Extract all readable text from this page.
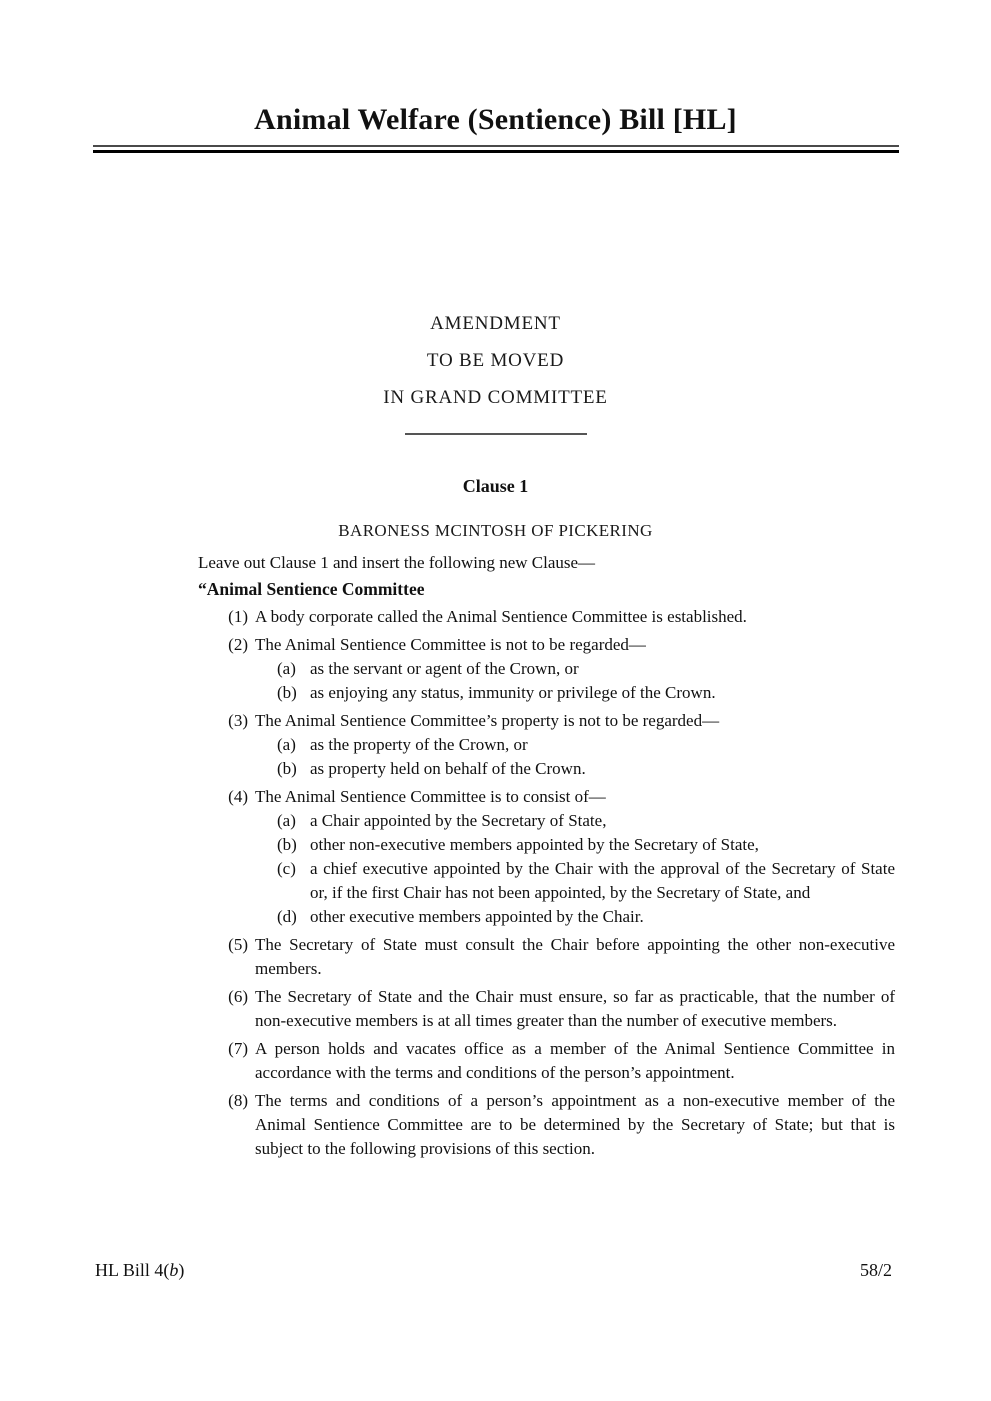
Animal Welfare (Sentience) Bill [HL]
AMENDMENT
TO BE MOVED
IN GRAND COMMITTEE
Clause 1
BARONESS MCINTOSH OF PICKERING
Leave out Clause 1 and insert the following new Clause—
“Animal Sentience Committee
(1) A body corporate called the Animal Sentience Committee is established.
(2) The Animal Sentience Committee is not to be regarded—
(a) as the servant or agent of the Crown, or
(b) as enjoying any status, immunity or privilege of the Crown.
(3) The Animal Sentience Committee’s property is not to be regarded—
(a) as the property of the Crown, or
(b) as property held on behalf of the Crown.
(4) The Animal Sentience Committee is to consist of—
(a) a Chair appointed by the Secretary of State,
(b) other non-executive members appointed by the Secretary of State,
(c) a chief executive appointed by the Chair with the approval of the Secretary of State or, if the first Chair has not been appointed, by the Secretary of State, and
(d) other executive members appointed by the Chair.
(5) The Secretary of State must consult the Chair before appointing the other non-executive members.
(6) The Secretary of State and the Chair must ensure, so far as practicable, that the number of non-executive members is at all times greater than the number of executive members.
(7) A person holds and vacates office as a member of the Animal Sentience Committee in accordance with the terms and conditions of the person’s appointment.
(8) The terms and conditions of a person’s appointment as a non-executive member of the Animal Sentience Committee are to be determined by the Secretary of State; but that is subject to the following provisions of this section.
HL Bill 4(b)	58/2
